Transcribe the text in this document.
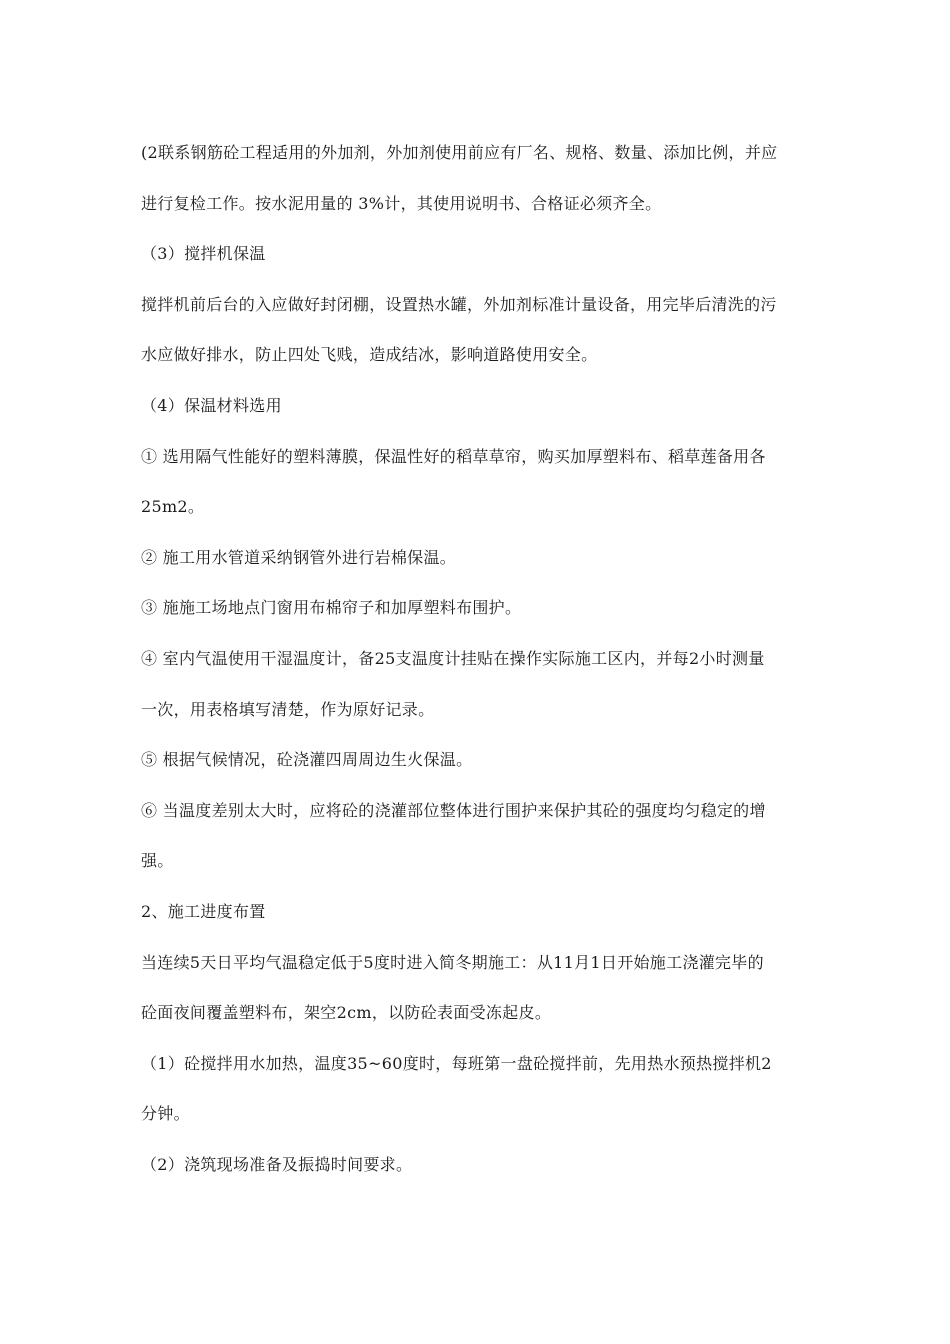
(2联系钢筋砼工程适用的外加剂，外加剂使用前应有厂名、规格、数量、添加比例，并应
进行复检工作。按水泥用量的 3%计，其使用说明书、合格证必须齐全。
（3）搅拌机保温
搅拌机前后台的入应做好封闭棚，设置热水罐，外加剂标准计量设备，用完毕后清洗的污
水应做好排水，防止四处飞贱，造成结冰，影响道路使用安全。
（4）保温材料选用
① 选用隔气性能好的塑料薄膜，保温性好的稻草草帘，购买加厚塑料布、稻草莲备用各
25m2。
② 施工用水管道采纳钢管外进行岩棉保温。
③ 施施工场地点门窗用布棉帘子和加厚塑料布围护。
④ 室内气温使用干湿温度计，备25支温度计挂贴在操作实际施工区内，并每2小时测量
一次，用表格填写清楚，作为原好记录。
⑤ 根据气候情况，砼浇灌四周周边生火保温。
⑥ 当温度差别太大时，应将砼的浇灌部位整体进行围护来保护其砼的强度均匀稳定的增
强。
2、施工进度布置
当连续5天日平均气温稳定低于5度时进入简冬期施工：从11月1日开始施工浇灌完毕的
砼面夜间覆盖塑料布，架空2cm，以防砼表面受冻起皮。
（1）砼搅拌用水加热，温度35~60度时，每班第一盘砼搅拌前，先用热水预热搅拌机2
分钟。
（2）浇筑现场准备及振捣时间要求。
